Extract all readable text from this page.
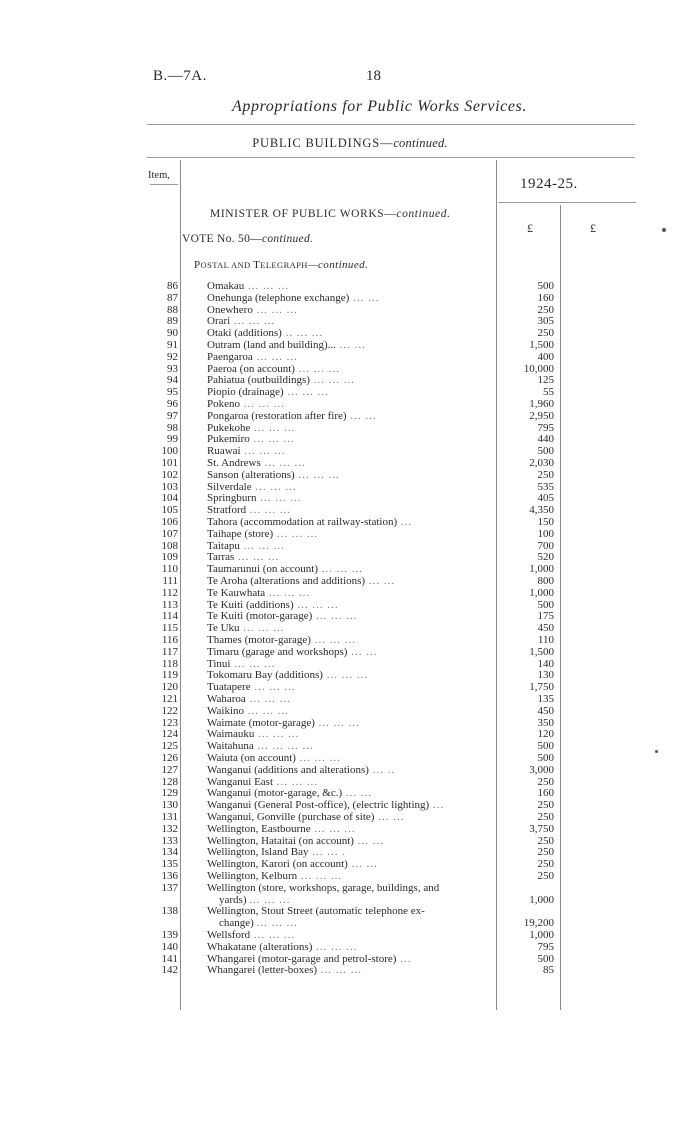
B.—7A.	18
Appropriations for Public Works Services.
PUBLIC BUILDINGS—continued.
Item,
1924-25.
MINISTER OF PUBLIC WORKS—continued.
VOTE No. 50—continued.
£	£
POSTAL AND TELEGRAPH—continued.
86	Omakau ... ... ...	500
87	Onehunga (telephone exchange) ... ...	160
88	Onewhero ... ... ...	250
89	Orari ... ... ...	305
90	Otaki (additions) .. ... ...	250
91	Outram (land and building)... ... ...	1,500
92	Paengaroa ... ... ...	400
93	Paeroa (on account) ... ... ...	10,000
94	Pahiatua (outbuildings) ... ... ...	125
95	Piopio (drainage) ... ... ...	55
96	Pokeno ... ... ...	1,960
97	Pongaroa (restoration after fire) ... ...	2,950
98	Pukekohe ... ... ...	795
99	Pukemiro ... ... ...	440
100	Ruawai ... ... ...	500
101	St. Andrews ... ... ...	2,030
102	Sanson (alterations) ... ... ...	250
103	Silverdale ... ... ...	535
104	Springburn ... ... ...	405
105	Stratford ... ... ...	4,350
106	Tahora (accommodation at railway-station) ...	150
107	Taihape (store) ... ... ...	100
108	Taitapu ... ... ...	700
109	Tarras ... ... ...	520
110	Taumarunui (on account) ... ... ...	1,000
111	Te Aroha (alterations and additions) ... ...	800
112	Te Kauwhata ... ... ...	1,000
113	Te Kuiti (additions) ... ... ...	500
114	Te Kuiti (motor-garage) ... ... ...	175
115	Te Uku ... ... ...	450
116	Thames (motor-garage) ... ... ...	110
117	Timaru (garage and workshops) ... ...	1,500
118	Tinui ... ... ...	140
119	Tokomaru Bay (additions) ... ... ...	130
120	Tuatapere ... ... ...	1,750
121	Waharoa ... ... ...	135
122	Waikino ... ... ...	450
123	Waimate (motor-garage) ... ... ...	350
124	Waimauku ... ... ...	120
125	Waitahuna ... ... ... ...	500
126	Waiuta (on account) ... ... ...	500
127	Wanganui (additions and alterations) ... ..	3,000
128	Wanganui East ... ... ...	250
129	Wanganui (motor-garage, &c.) ... ...	160
130	Wanganui (General Post-office), (electric lighting) ...	250
131	Wanganui, Gonville (purchase of site) ... ...	250
132	Wellington, Eastbourne ... ... ...	3,750
133	Wellington, Hataitai (on account) ... ...	250
134	Wellington, Island Bay ... ... .	250
135	Wellington, Karori (on account) ... ...	250
136	Wellington, Kelburn ... ... ...	250
137	Wellington (store, workshops, garage, buildings, and
yards) ... ... ...	1,000
138	Wellington, Stout Street (automatic telephone ex-
change) ... ... ...	19,200
139	Wellsford ... ... ...	1,000
140	Whakatane (alterations) ... ... ...	795
141	Whangarei (motor-garage and petrol-store) ...	500
142	Whangarei (letter-boxes) ... ... ...	85
